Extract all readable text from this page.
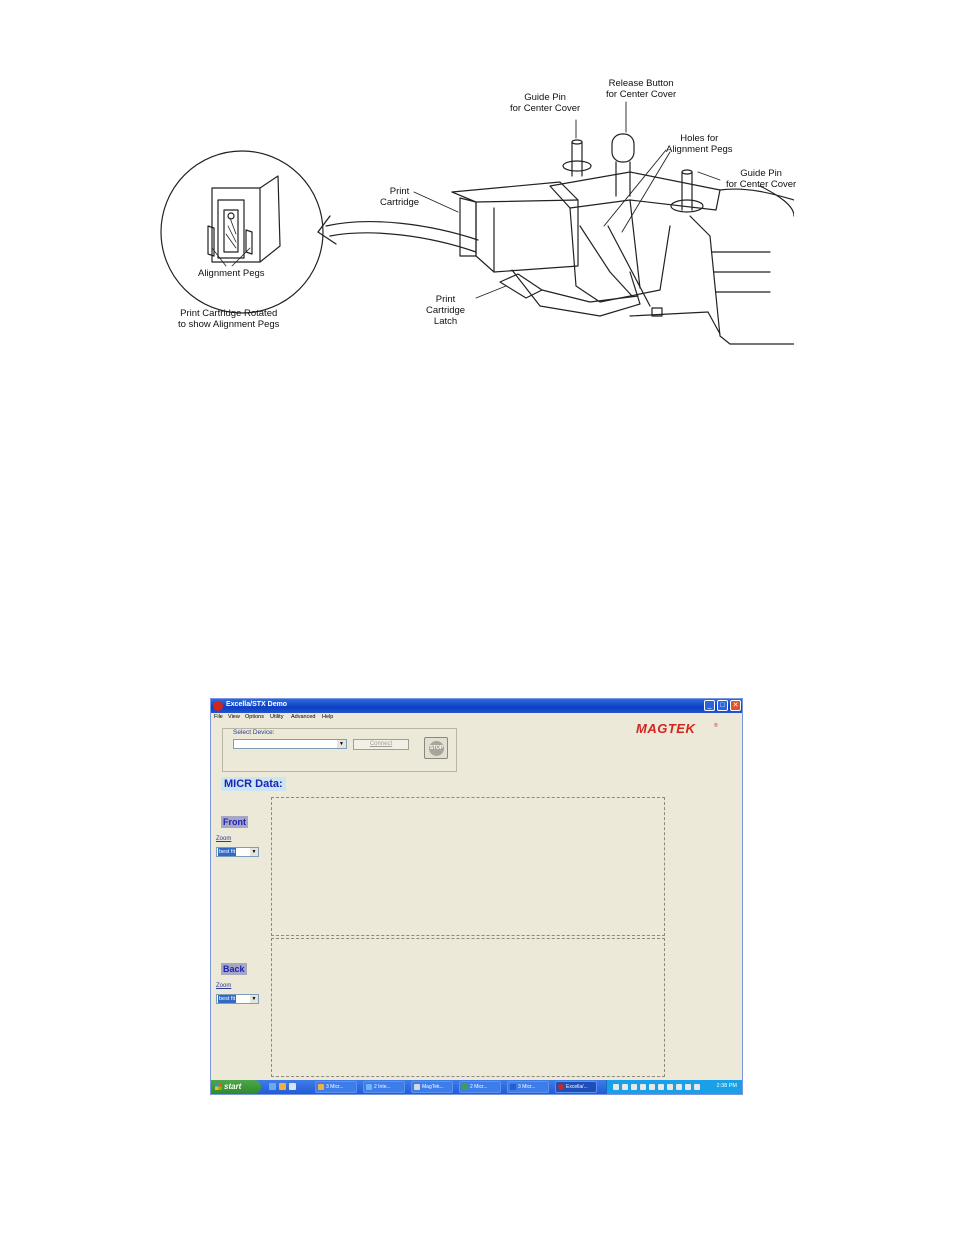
Release Button
for Center Cover
Guide Pin
for Center Cover
Holes for
Alignment Pegs
Guide Pin
for Center Cover
Print
Cartridge
Print
Cartridge
Latch
Alignment Pegs
Print Cartridge Rotated
to show Alignment Pegs
Excella/STX Demo	_	□	✕
File View Options Utility Advanced Help
Select Device:
▼	Connect
STOP
MAGTEK	®
MICR Data:
Front
Zoom
best fit	▼
Back
Zoom
best fit	▼
start	3 Micr...	2 Inte...	MagTek...	2 Micr...	3 Micr...	Excella/...	2:38 PM
